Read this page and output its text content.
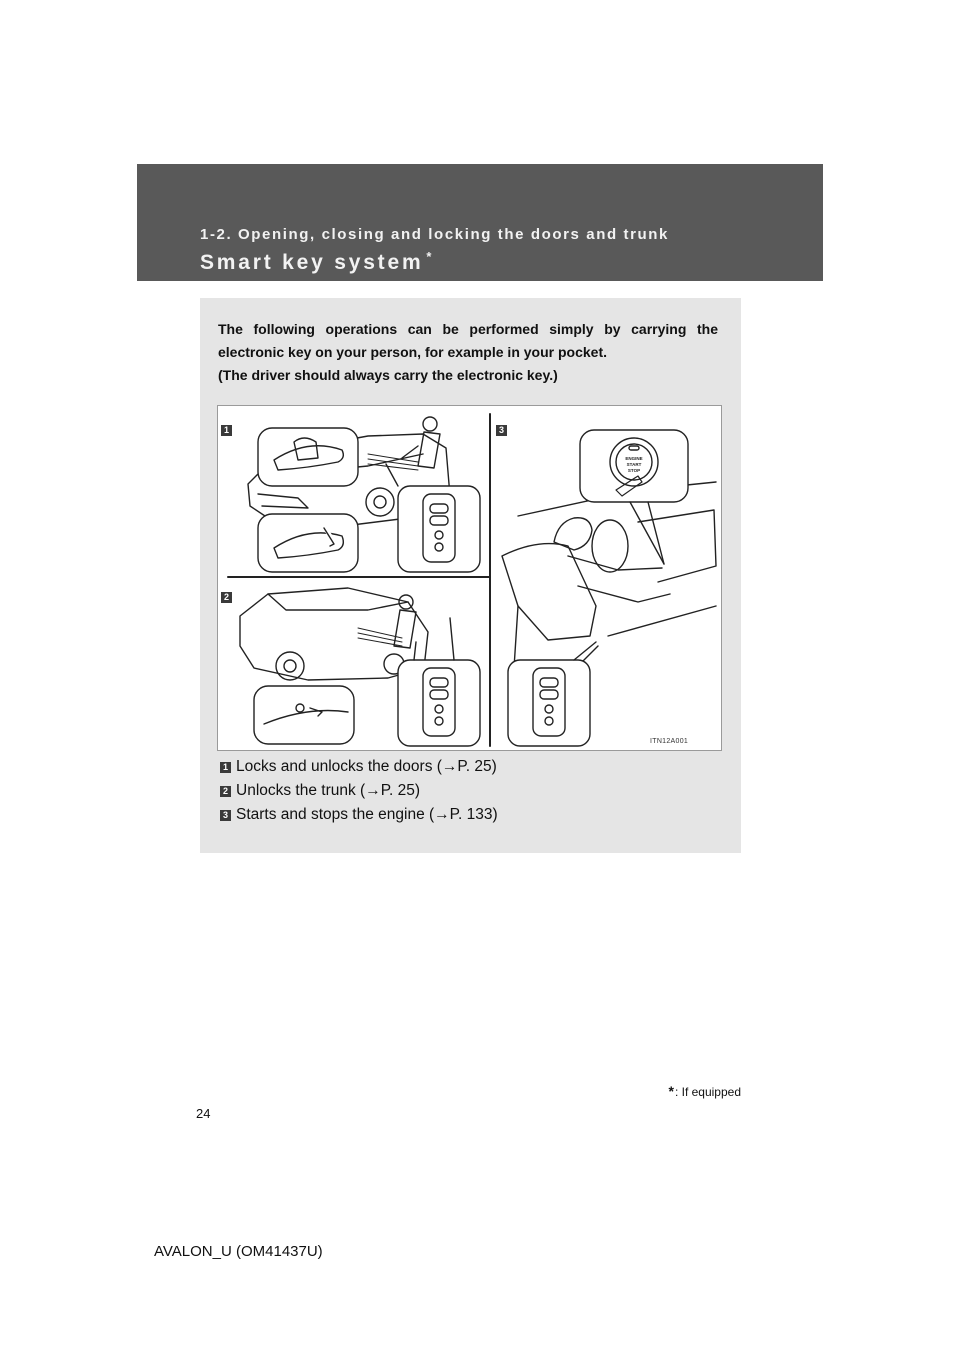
1-2. Opening, closing and locking the doors and trunk
Smart key system *

The following operations can be performed simply by carrying the

electronic key on your person, for example in your pocket.

(The driver should always carry the electronic key.)

ENGINE
START
STOP
1
2
3
ITN12A001
1 Locks and unlocks the doors (→P. 25)
2 Unlocks the trunk (→P. 25)
3 Starts and stops the engine (→P. 133)
*: If equipped
24
AVALON_U (OM41437U)
